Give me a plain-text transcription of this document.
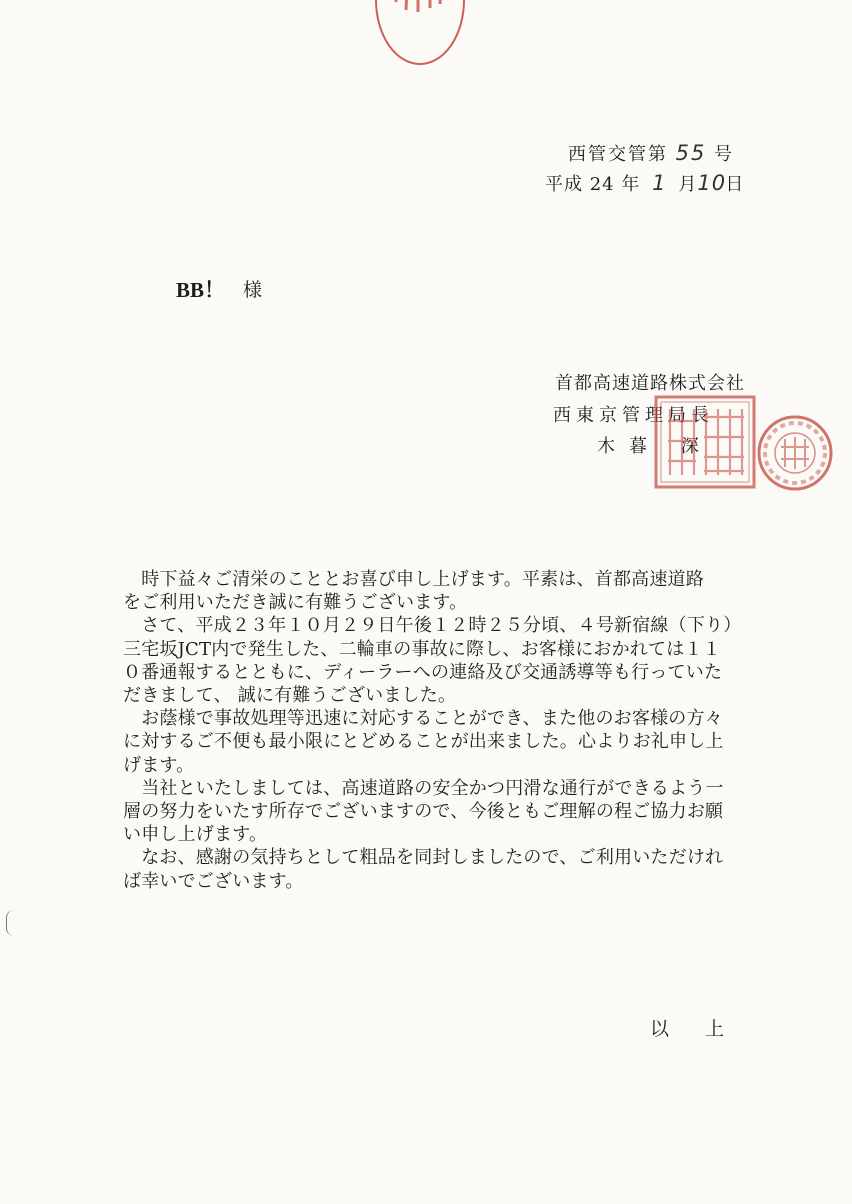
西管交管第 55 号
平成 24 年 1 月10日
BB！ 様
首都高速道路株式会社
西東京管理局長
木暮 深
　時下益々ご清栄のこととお喜び申し上げます。平素は、首都高速道路
をご利用いただき誠に有難うございます。
　さて、平成２３年１０月２９日午後１２時２５分頃、４号新宿線（下り）
三宅坂JCT内で発生した、二輪車の事故に際し、お客様におかれては１１
０番通報するとともに、ディーラーへの連絡及び交通誘導等も行っていた
だきまして、 誠に有難うございました。
　お蔭様で事故処理等迅速に対応することができ、また他のお客様の方々
に対するご不便も最小限にとどめることが出来ました。心よりお礼申し上
げます。
　当社といたしましては、高速道路の安全かつ円滑な通行ができるよう一
層の努力をいたす所存でございますので、今後ともご理解の程ご協力お願
い申し上げます。
　なお、感謝の気持ちとして粗品を同封しましたので、ご利用いただけれ
ば幸いでございます。
以上
